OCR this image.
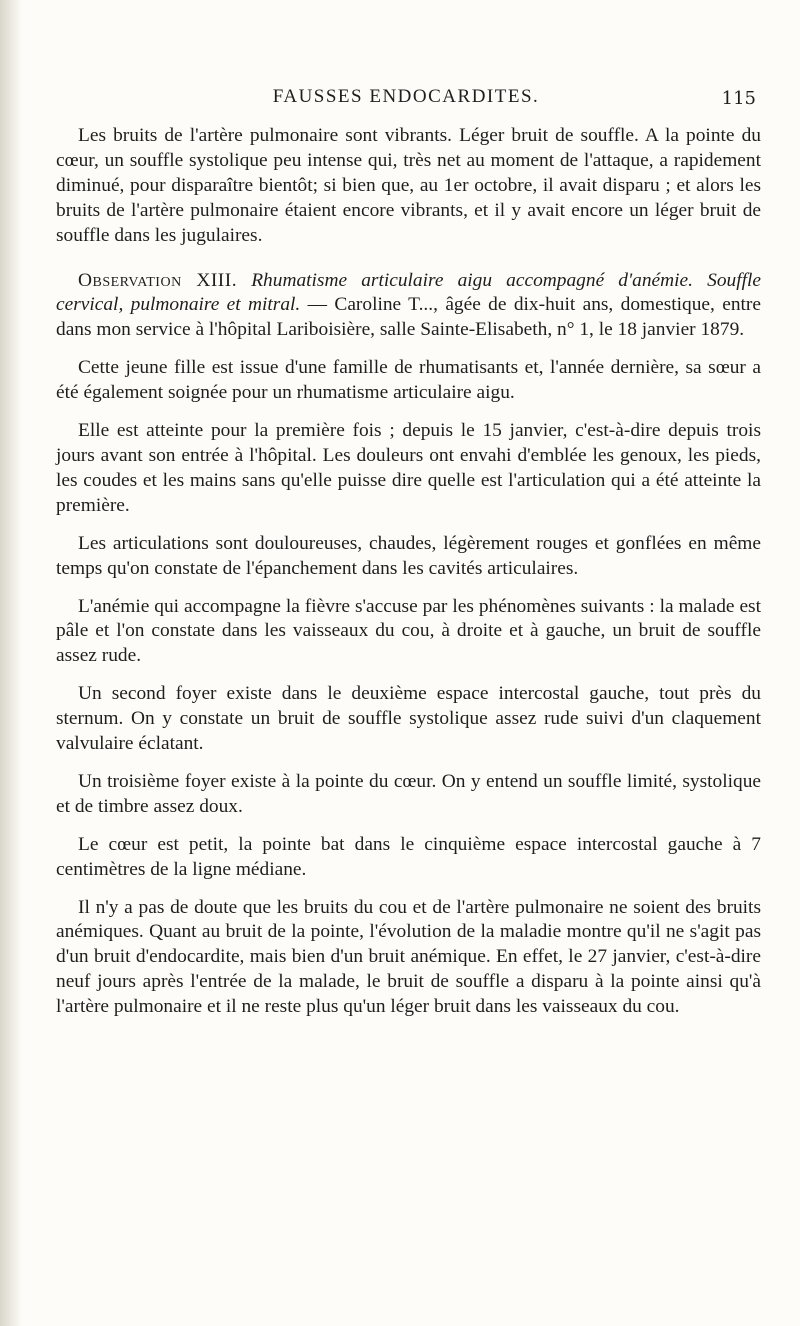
FAUSSES ENDOCARDITES.	115

Les bruits de l'artère pulmonaire sont vibrants. Léger bruit de souffle. A la pointe du cœur, un souffle systolique peu intense qui, très net au moment de l'attaque, a rapidement diminué, pour disparaître bientôt; si bien que, au 1er octobre, il avait disparu ; et alors les bruits de l'artère pulmonaire étaient encore vibrants, et il y avait encore un léger bruit de souffle dans les jugulaires.

Observation XIII. Rhumatisme articulaire aigu accompagné d'anémie. Souffle cervical, pulmonaire et mitral. — Caroline T..., âgée de dix-huit ans, domestique, entre dans mon service à l'hôpital Lariboisière, salle Sainte-Elisabeth, n° 1, le 18 janvier 1879.

Cette jeune fille est issue d'une famille de rhumatisants et, l'année dernière, sa sœur a été également soignée pour un rhumatisme articulaire aigu.

Elle est atteinte pour la première fois ; depuis le 15 janvier, c'est-à-dire depuis trois jours avant son entrée à l'hôpital. Les douleurs ont envahi d'emblée les genoux, les pieds, les coudes et les mains sans qu'elle puisse dire quelle est l'articulation qui a été atteinte la première.

Les articulations sont douloureuses, chaudes, légèrement rouges et gonflées en même temps qu'on constate de l'épanchement dans les cavités articulaires.

L'anémie qui accompagne la fièvre s'accuse par les phénomènes suivants : la malade est pâle et l'on constate dans les vaisseaux du cou, à droite et à gauche, un bruit de souffle assez rude.

Un second foyer existe dans le deuxième espace intercostal gauche, tout près du sternum. On y constate un bruit de souffle systolique assez rude suivi d'un claquement valvulaire éclatant.

Un troisième foyer existe à la pointe du cœur. On y entend un souffle limité, systolique et de timbre assez doux.

Le cœur est petit, la pointe bat dans le cinquième espace intercostal gauche à 7 centimètres de la ligne médiane.

Il n'y a pas de doute que les bruits du cou et de l'artère pulmonaire ne soient des bruits anémiques. Quant au bruit de la pointe, l'évolution de la maladie montre qu'il ne s'agit pas d'un bruit d'endocardite, mais bien d'un bruit anémique. En effet, le 27 janvier, c'est-à-dire neuf jours après l'entrée de la malade, le bruit de souffle a disparu à la pointe ainsi qu'à l'artère pulmonaire et il ne reste plus qu'un léger bruit dans les vaisseaux du cou.
